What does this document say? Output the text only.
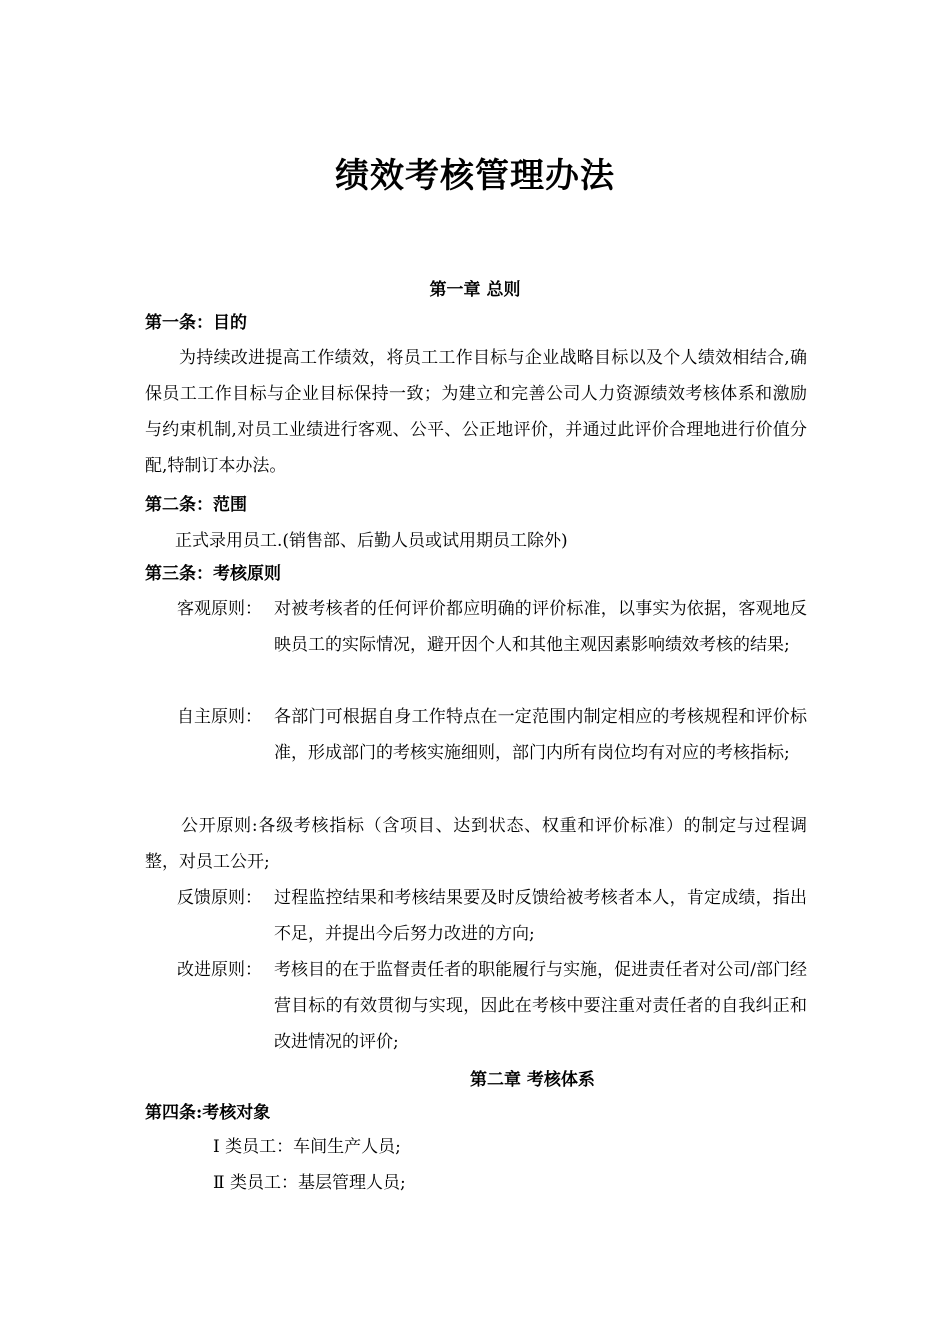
绩效考核管理办法
第一章 总则
第一条：目的

为持续改进提高工作绩效，将员工工作目标与企业战略目标以及个人绩效相结合,确保员工工作目标与企业目标保持一致；为建立和完善公司人力资源绩效考核体系和激励与约束机制,对员工业绩进行客观、公平、公正地评价，并通过此评价合理地进行价值分配,特制订本办法。

第二条：范围

正式录用员工.(销售部、后勤人员或试用期员工除外)

第三条：考核原则
客观原则： 对被考核者的任何评价都应明确的评价标准，以事实为依据，客观地反映员工的实际情况，避开因个人和其他主观因素影响绩效考核的结果;
自主原则： 各部门可根据自身工作特点在一定范围内制定相应的考核规程和评价标准，形成部门的考核实施细则，部门内所有岗位均有对应的考核指标;

公开原则:各级考核指标（含项目、达到状态、权重和评价标准）的制定与过程调整，对员工公开;

反馈原则： 过程监控结果和考核结果要及时反馈给被考核者本人，肯定成绩，指出不足，并提出今后努力改进的方向;
改进原则： 考核目的在于监督责任者的职能履行与实施，促进责任者对公司/部门经营目标的有效贯彻与实现，因此在考核中要注重对责任者的自我纠正和改进情况的评价;
第二章 考核体系
第四条:考核对象

Ⅰ 类员工：车间生产人员;

Ⅱ 类员工：基层管理人员;
